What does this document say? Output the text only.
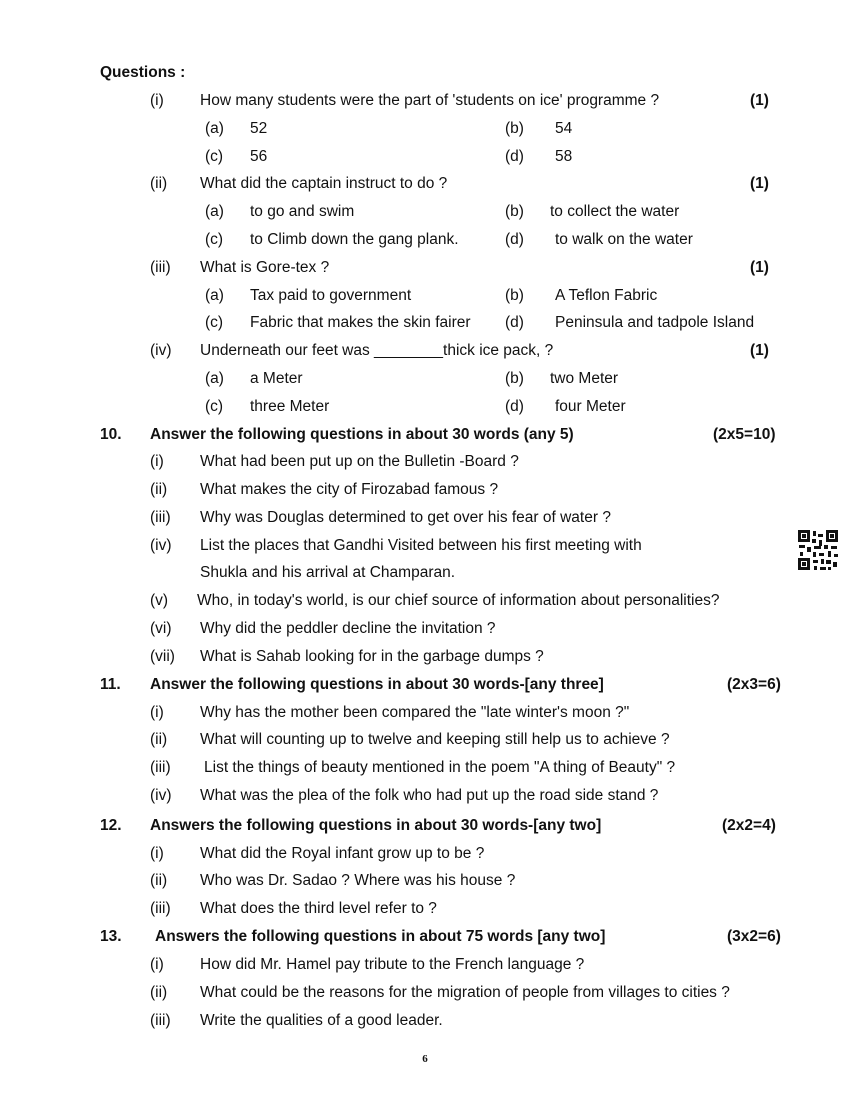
Questions :
(i) How many students were the part of 'students on ice' programme ?	(1)
(a) 52	(b) 54
(c) 56	(d) 58
(ii) What did the captain instruct to do ?	(1)
(a) to go and swim	(b) to collect the water
(c) to Climb down the gang plank.	(d) to walk on the water
(iii) What is Gore-tex ?	(1)
(a) Tax paid to government	(b) A Teflon Fabric
(c) Fabric that makes the skin fairer (d) Peninsula and tadpole Island
(iv) Underneath our feet was ________thick ice pack, ?	(1)
(a) a Meter	(b) two Meter
(c) three Meter	(d) four Meter
10. Answer the following questions in about 30 words (any 5)	(2x5=10)
(i) What had been put up on the Bulletin -Board ?
(ii) What makes the city of Firozabad famous ?
(iii) Why was Douglas determined to get over his fear of water ?
(iv) List the places that Gandhi Visited between his first meeting with
Shukla and his arrival at Champaran.
(v) Who, in today's world, is our chief source of information about personalities?
(vi) Why did the peddler decline the invitation ?
(vii) What is Sahab looking for in the garbage dumps ?
11. Answer the following questions in about 30 words-[any three]	(2x3=6)
(i) Why has the mother been compared the "late winter's moon ?"
(ii) What will counting up to twelve and keeping still help us to achieve ?
(iii) List the things of beauty mentioned in the poem "A thing of Beauty" ?
(iv) What was the plea of the folk who had put up the road side stand ?
12. Answers the following questions in about 30 words-[any two]	(2x2=4)
(i) What did the Royal infant grow up to be ?
(ii) Who was Dr. Sadao ? Where was his house ?
(iii) What does the third level refer to ?
13. Answers the following questions in about 75 words [any two]	(3x2=6)
(i) How did Mr. Hamel pay tribute to the French language ?
(ii) What could be the reasons for the migration of people from villages to cities ?
(iii) Write the qualities of a good leader.
6
